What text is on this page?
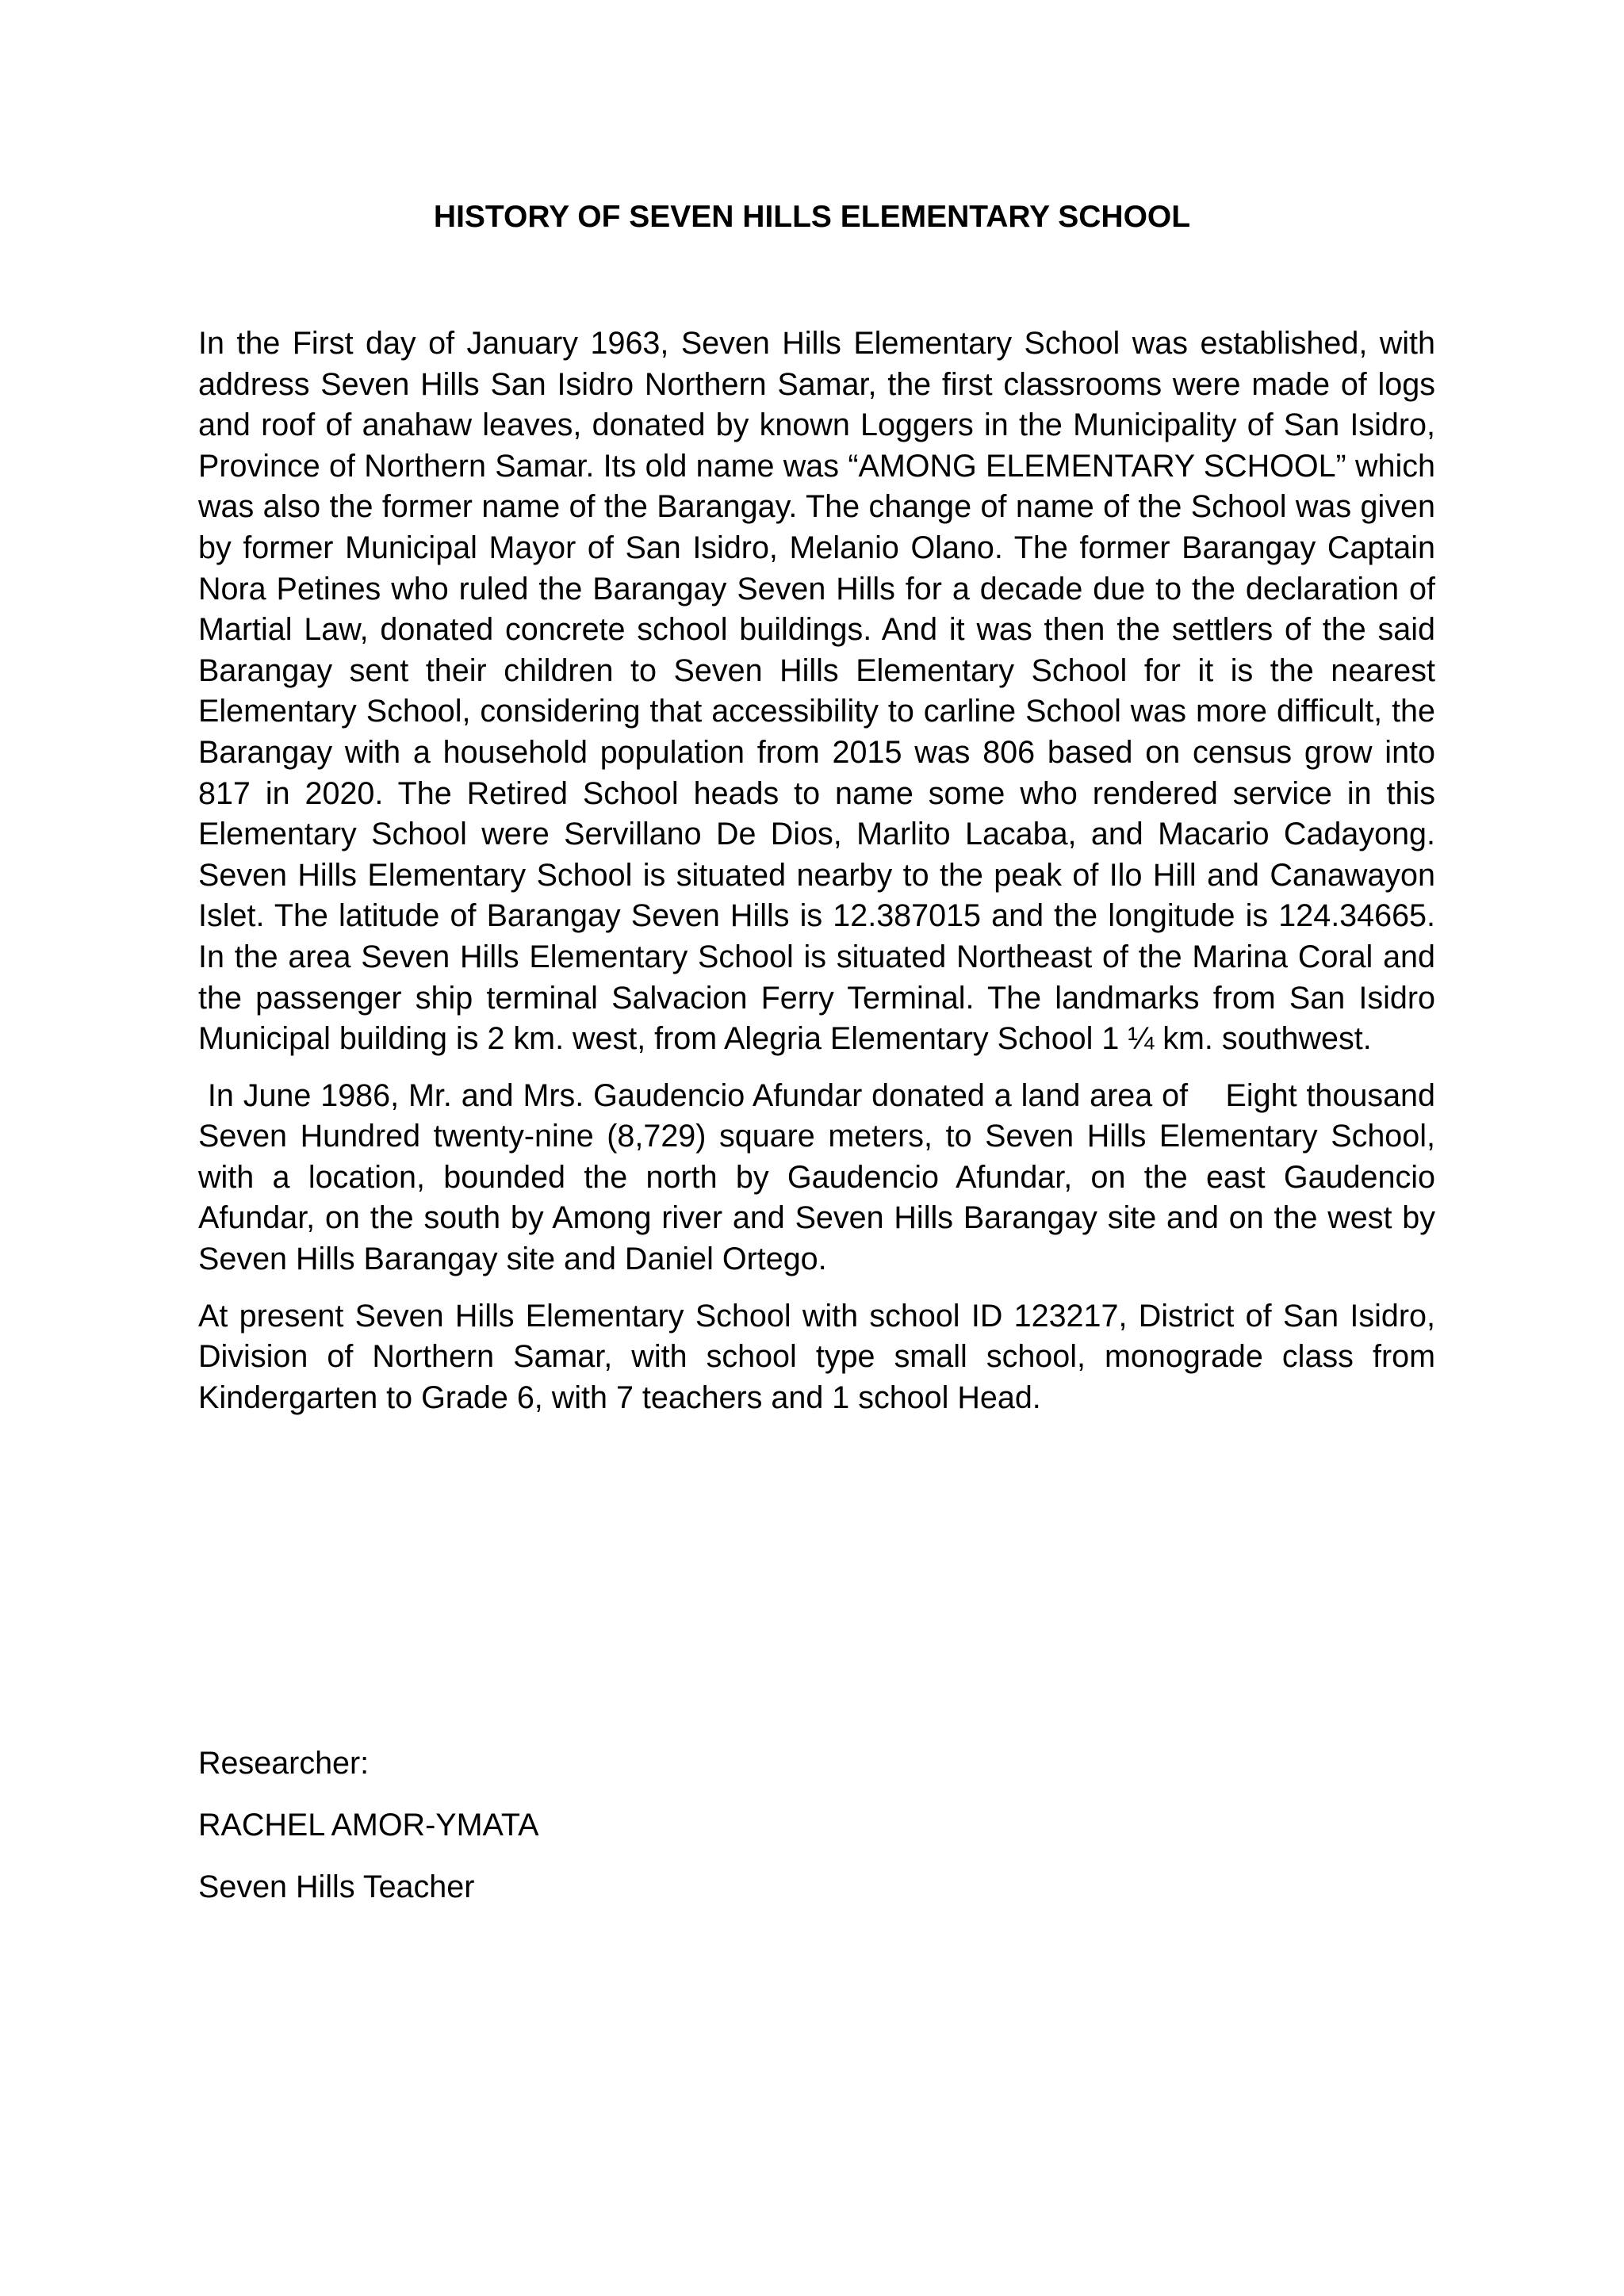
HISTORY OF SEVEN HILLS ELEMENTARY SCHOOL

In the First day of January 1963, Seven Hills Elementary School was established, with address Seven Hills San Isidro Northern Samar, the first classrooms were made of logs and roof of anahaw leaves, donated by known Loggers in the Municipality of San Isidro, Province of Northern Samar. Its old name was “AMONG ELEMENTARY SCHOOL” which was also the former name of the Barangay. The change of name of the School was given by former Municipal Mayor of San Isidro, Melanio Olano. The former Barangay Captain Nora Petines who ruled the Barangay Seven Hills for a decade due to the declaration of Martial Law, donated concrete school buildings. And it was then the settlers of the said Barangay sent their children to Seven Hills Elementary School for it is the nearest Elementary School, considering that accessibility to carline School was more difficult, the Barangay with a household population from 2015 was 806 based on census grow into 817 in 2020. The Retired School heads to name some who rendered service in this Elementary School were Servillano De Dios, Marlito Lacaba, and Macario Cadayong. Seven Hills Elementary School is situated nearby to the peak of Ilo Hill and Canawayon Islet. The latitude of Barangay Seven Hills is 12.387015 and the longitude is 124.34665. In the area Seven Hills Elementary School is situated Northeast of the Marina Coral and the passenger ship terminal Salvacion Ferry Terminal. The landmarks from San Isidro Municipal building is 2 km. west, from Alegria Elementary School 1 ¼ km. southwest.

In June 1986, Mr. and Mrs. Gaudencio Afundar donated a land area of    Eight thousand Seven Hundred twenty-nine (8,729) square meters, to Seven Hills Elementary School, with a location, bounded the north by Gaudencio Afundar, on the east Gaudencio Afundar, on the south by Among river and Seven Hills Barangay site and on the west by Seven Hills Barangay site and Daniel Ortego.

At present Seven Hills Elementary School with school ID 123217, District of San Isidro, Division of Northern Samar, with school type small school, monograde class from Kindergarten to Grade 6, with 7 teachers and 1 school Head.

Researcher:

RACHEL AMOR-YMATA

Seven Hills Teacher
